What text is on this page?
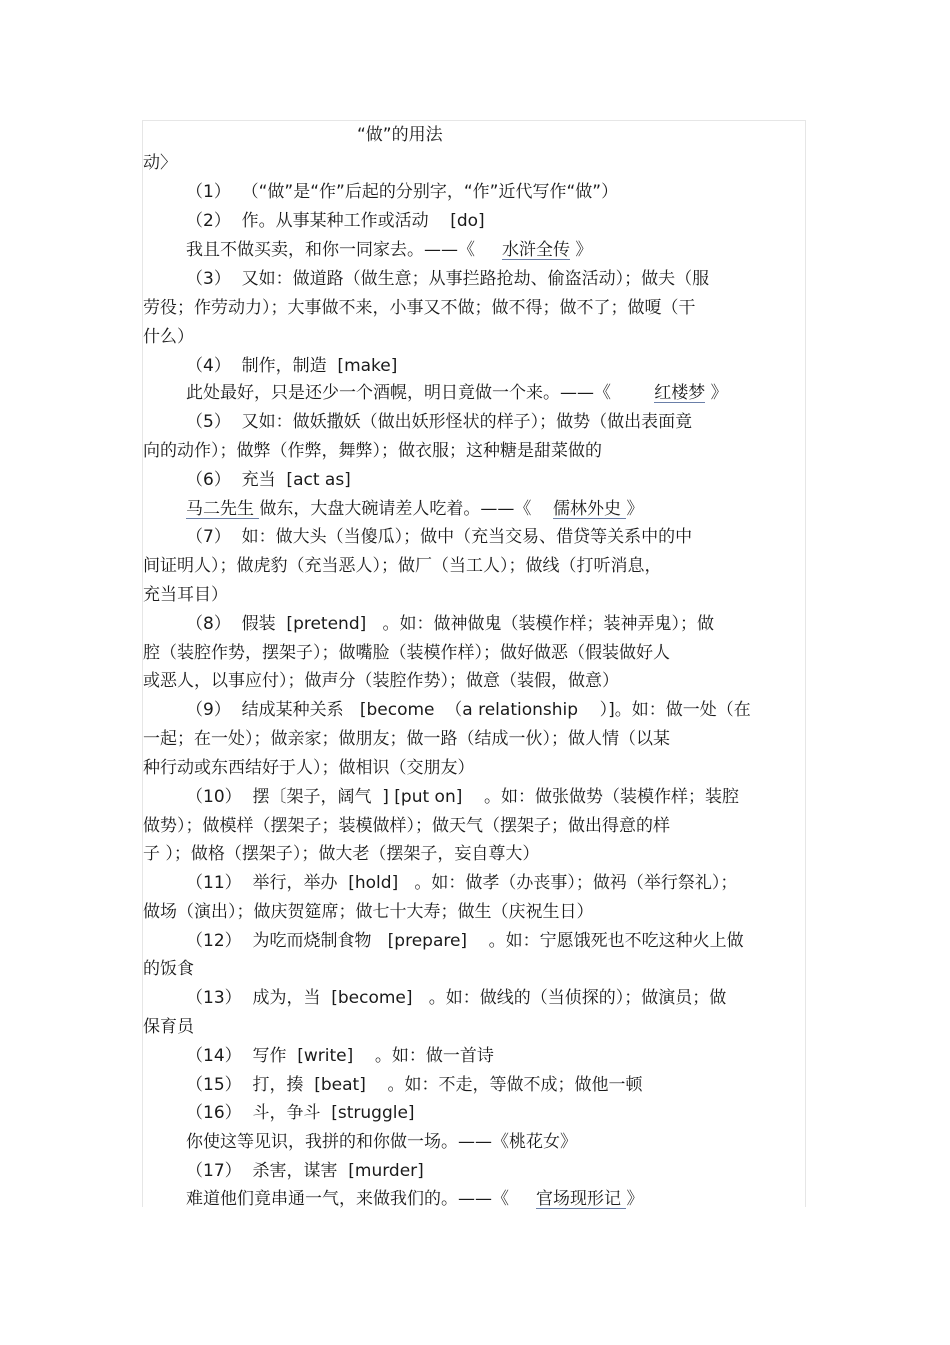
“做”的用法
动〉
（1）  （“做”是“作”后起的分别字，“作”近代写作“做”）
（2）  作。从事某种工作或活动    [do]
我且不做买卖，和你一同家去。——《     水浒全传 》
（3）  又如：做道路（做生意；从事拦路抢劫、偷盗活动）；做夫（服
劳役；作劳动力）；大事做不来，小事又不做；做不得；做不了；做嗄（干
什么）
（4）  制作，制造  [make]
此处最好，只是还少一个酒幌，明日竟做一个来。——《        红楼梦 》
（5）  又如：做妖撒妖（做出妖形怪状的样子）；做势（做出表面竟
向的动作）；做弊（作弊，舞弊）；做衣服；这种糖是甜菜做的
（6）  充当  [act as]
马二先生 做东，大盘大碗请差人吃着。——《    儒林外史 》
（7）  如：做大头（当傻瓜）；做中（充当交易、借贷等关系中的中
间证明人）；做虎豹（充当恶人）；做厂（当工人）；做线（打听消息，
充当耳目）
（8）  假装  [pretend]   。如：做神做鬼（装模作样；装神弄鬼）；做
腔（装腔作势，摆架子）；做嘴脸（装模作样）；做好做恶（假装做好人
或恶人，以事应付）；做声分（装腔作势）；做意（装假，做意）
（9）  结成某种关系   [become  （a relationship    ）]。如：做一处（在
一起；在一处）；做亲家；做朋友；做一路（结成一伙）；做人情（以某
种行动或东西结好于人）；做相识（交朋友）
（10）  摆〔架子，阔气  ] [put on]    。如：做张做势（装模作样；装腔
做势）；做模样（摆架子；装模做样）；做天气（摆架子；做出得意的样
子 ）；做格（摆架子）；做大老（摆架子，妄自尊大）
（11）  举行，举办  [hold]   。如：做孝（办丧事）；做祃（举行祭礼）；
做场（演出）；做庆贺筵席；做七十大寿；做生（庆祝生日）
（12）  为吃而烧制食物   [prepare]    。如：宁愿饿死也不吃这种火上做
的饭食
（13）  成为，当  [become]   。如：做线的（当侦探的）；做演员；做
保育员
（14）  写作  [write]    。如：做一首诗
（15）  打，揍  [beat]    。如：不走，等做不成；做他一顿
（16）  斗，争斗  [struggle]
你使这等见识，我拼的和你做一场。——《桃花女》
（17）  杀害，谋害  [murder]
难道他们竟串通一气，来做我们的。——《     官场现形记 》
